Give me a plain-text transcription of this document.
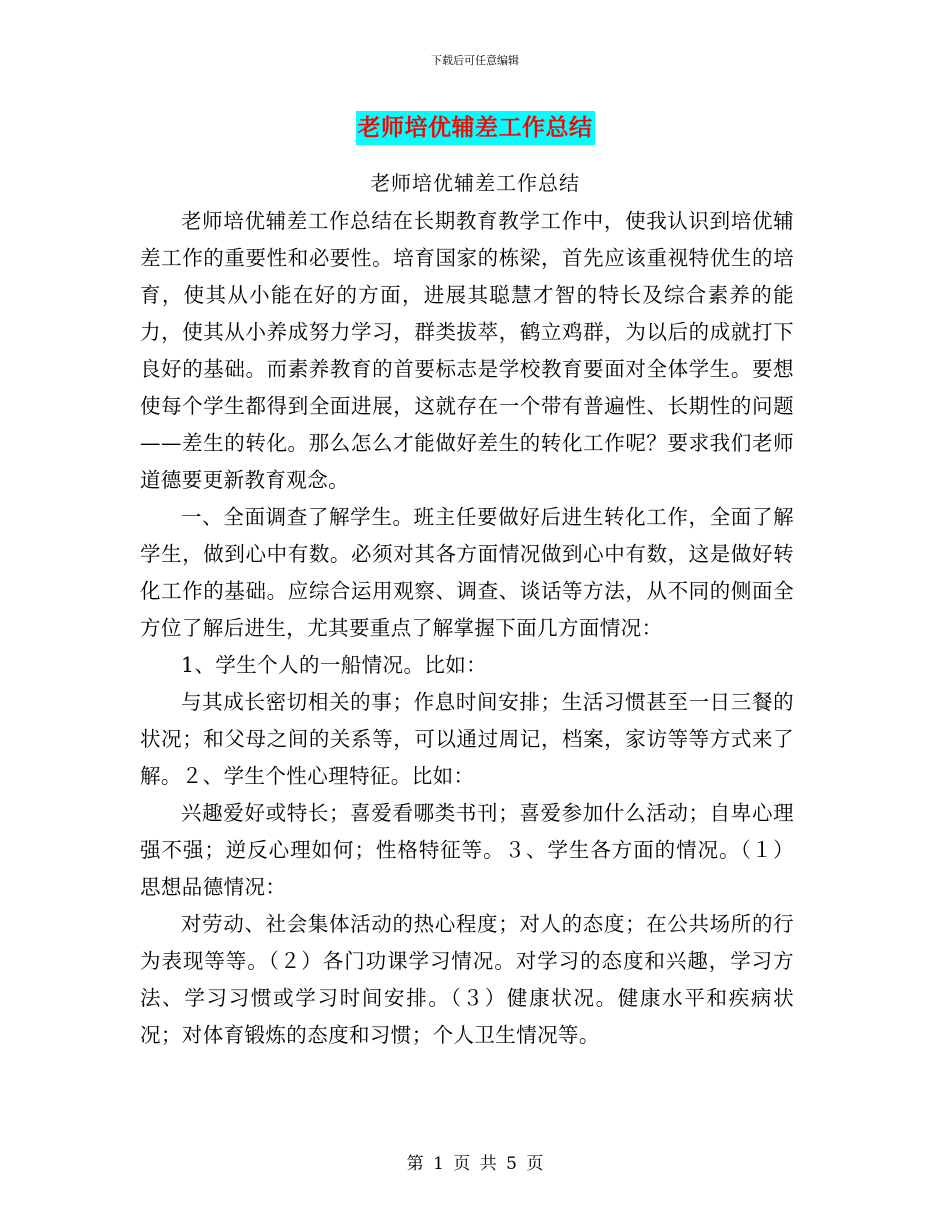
下载后可任意编辑
老师培优辅差工作总结
老师培优辅差工作总结

老师培优辅差工作总结在长期教育教学工作中，使我认识到培优辅差工作的重要性和必要性。培育国家的栋梁，首先应该重视特优生的培育，使其从小能在好的方面，进展其聪慧才智的特长及综合素养的能力，使其从小养成努力学习，群类拔萃，鹤立鸡群，为以后的成就打下良好的基础。而素养教育的首要标志是学校教育要面对全体学生。要想使每个学生都得到全面进展，这就存在一个带有普遍性、长期性的问题——差生的转化。那么怎么才能做好差生的转化工作呢？要求我们老师道德要更新教育观念。

一、全面调查了解学生。班主任要做好后进生转化工作，全面了解学生，做到心中有数。必须对其各方面情况做到心中有数，这是做好转化工作的基础。应综合运用观察、调查、谈话等方法，从不同的侧面全方位了解后进生，尤其要重点了解掌握下面几方面情况：

1、学生个人的一船情况。比如：

与其成长密切相关的事；作息时间安排；生活习惯甚至一日三餐的状况；和父母之间的关系等，可以通过周记，档案，家访等等方式来了解。２、学生个性心理特征。比如：

兴趣爱好或特长；喜爱看哪类书刊；喜爱参加什么活动；自卑心理强不强；逆反心理如何；性格特征等。３、学生各方面的情况。（１）思想品德情况：

对劳动、社会集体活动的热心程度；对人的态度；在公共场所的行为表现等等。（２）各门功课学习情况。对学习的态度和兴趣，学习方法、学习习惯或学习时间安排。（３）健康状况。健康水平和疾病状况；对体育锻炼的态度和习惯；个人卫生情况等。

第 1 页 共 5 页
